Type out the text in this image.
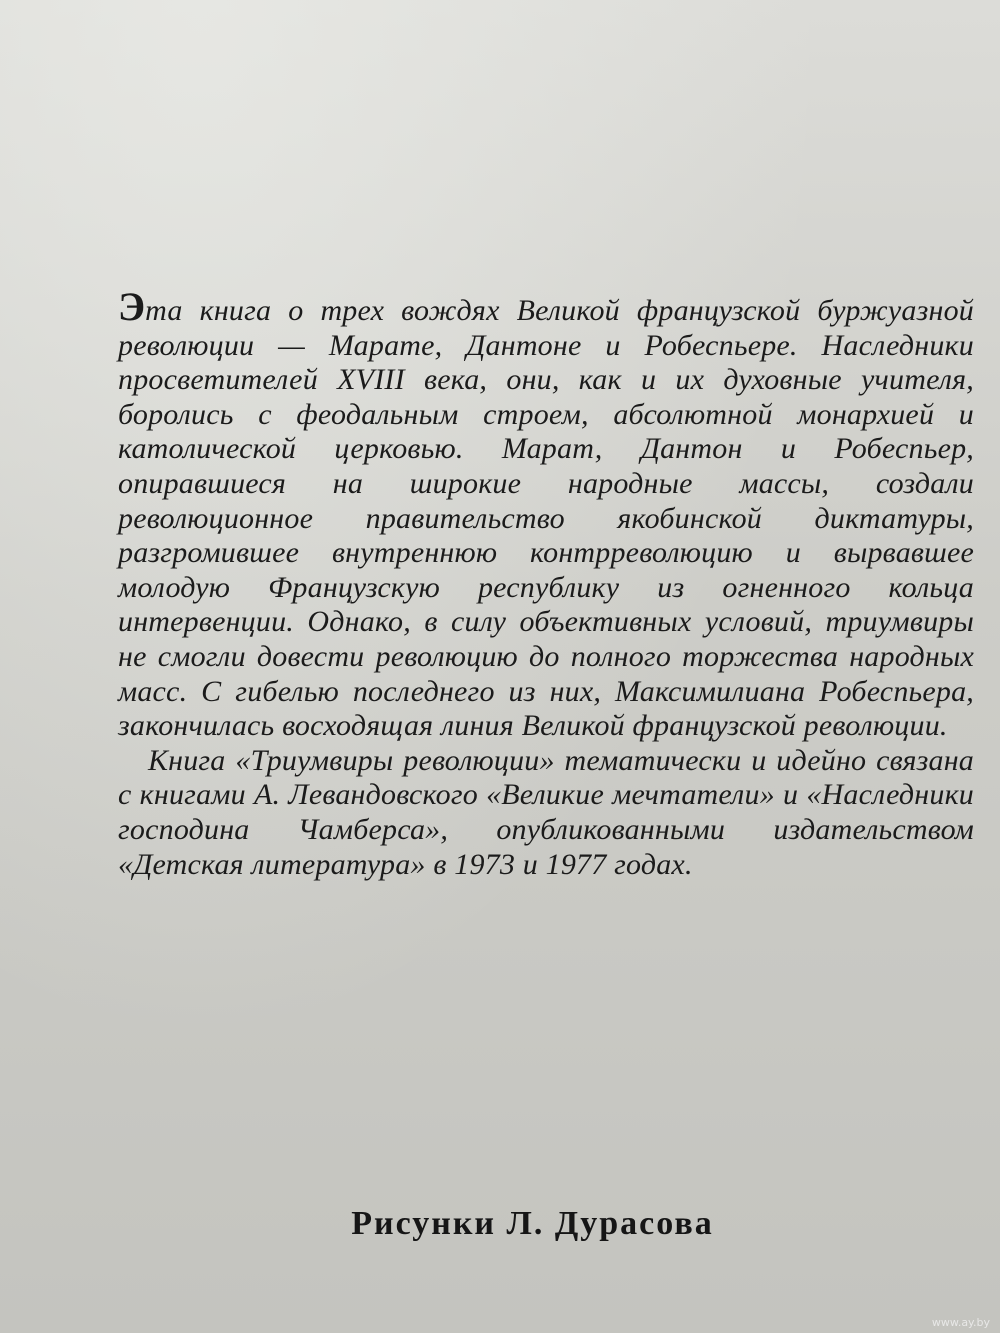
Эта книга о трех вождях Великой французской буржуазной революции — Марате, Дантоне и Робеспьере. Наследники просветителей XVIII века, они, как и их духовные учителя, боролись с феодальным строем, абсолютной монархией и католической церковью. Марат, Дантон и Робеспьер, опиравшиеся на широкие народные массы, создали революционное правительство якобинской диктатуры, разгромившее внутреннюю контрреволюцию и вырвавшее молодую Французскую республику из огненного кольца интервенции. Однако, в силу объективных условий, триумвиры не смогли довести революцию до полного торжества народных масс. С гибелью последнего из них, Максимилиана Робеспьера, закончилась восходящая линия Великой французской революции.

Книга «Триумвиры революции» тематически и идейно связана с книгами А. Левандовского «Великие мечтатели» и «Наследники господина Чамберса», опубликованными издательством «Детская литература» в 1973 и 1977 годах.

Рисунки Л. Дурасова
www.ay.by
